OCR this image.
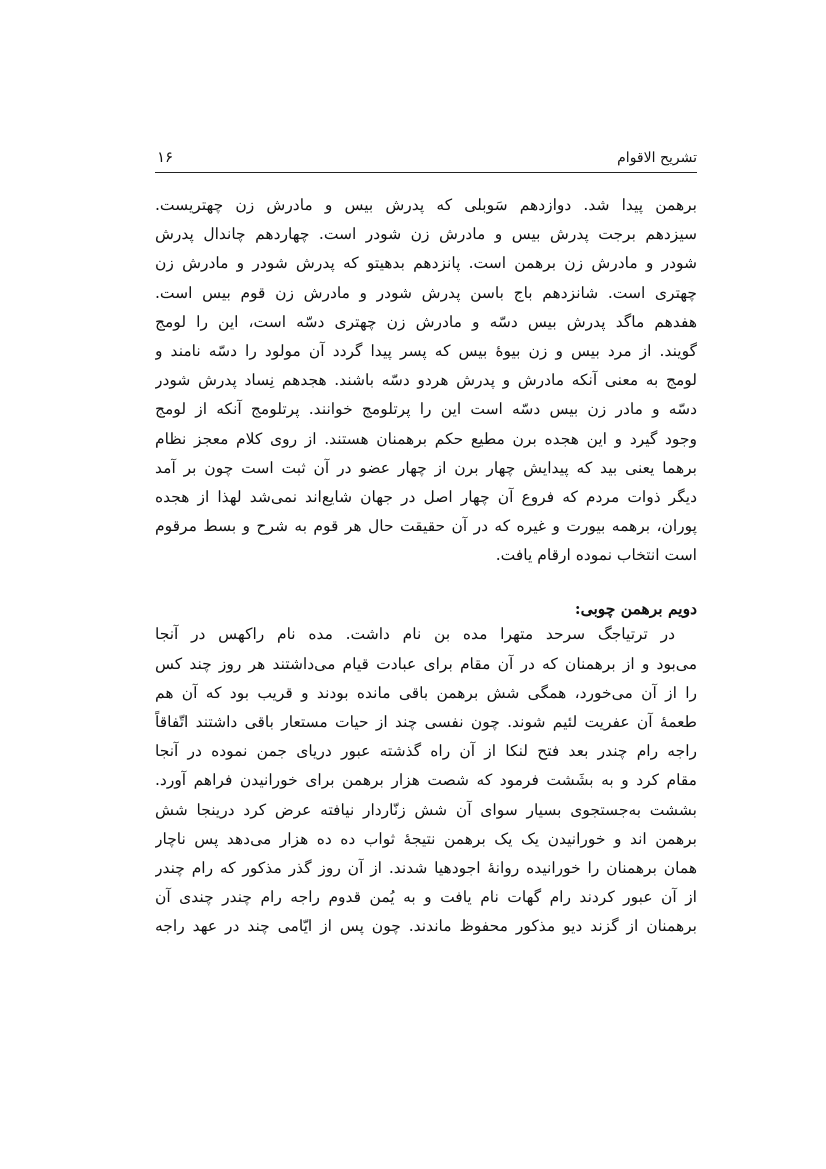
تشریح الاقوام
۱۶
برهمن پیدا شد. دوازدهم سَوبلی که پدرش بیس و مادرش زن چهتریست.
سیزدهم برجت پدرش بیس و مادرش زن شودر است. چهاردهم چاندال پدرش
شودر و مادرش زن برهمن است. پانزدهم بدهیتو که پدرش شودر و مادرش زن
چهتری است. شانزدهم باج باسن پدرش شودر و مادرش زن قوم بیس است.
هفدهم ماگد پدرش بیس دسّه و مادرش زن چهتری دسّه است، این را لومج
گویند. از مرد بیس و زن بیوهٔ بیس که پسر پیدا گردد آن مولود را دسّه نامند و
لومج به معنی آنکه مادرش و پدرش هردو دسّه باشند. هجدهم نِساد پدرش شودر
دسّه و مادر زن بیس دسّه است این را پرتلومج خوانند. پرتلومج آنکه از لومج
وجود گیرد و این هجده برن مطیع حکم برهمنان هستند. از روی کلام معجز نظام
برهما یعنی بید که پیدایش چهار برن از چهار عضو در آن ثبت است چون بر آمد
دیگر ذوات مردم که فروع آن چهار اصل در جهان شایع‌اند نمی‌شد لهذا از هجده
پوران، برهمه بیورت و غیره که در آن حقیقت حال هر قوم به شرح و بسط مرقوم
است انتخاب نموده ارقام یافت.
دویم برهمن چوبی:
در ترتیاجگ سرحد متهرا مده بن نام داشت. مده نام راکهس در آنجا
می‌بود و از برهمنان که در آن مقام برای عبادت قیام می‌داشتند هر روز چند کس
را از آن می‌خورد، همگی شش برهمن باقی مانده بودند و قریب بود که آن هم
طعمهٔ آن عفریت لئیم شوند. چون نفسی چند از حیات مستعار باقی داشتند اتّفاقاً
راجه رام چندر بعد فتح لنکا از آن راه گذشته عبور دریای جمن نموده در آنجا
مقام کرد و به بشَشت فرمود که شصت هزار برهمن برای خورانیدن فراهم آورد.
بششت به‌جستجوی بسیار سوای آن شش زنّاردار نیافته عرض کرد درینجا شش
برهمن اند و خورانیدن یک یک برهمن نتیجهٔ ثواب ده ده هزار می‌دهد پس ناچار
همان برهمنان را خورانیده روانهٔ اجودهیا شدند. از آن روز گذر مذکور که رام چندر
از آن عبور کردند رام گهات نام یافت و به یُمن قدوم راجه رام چندر چندی آن
برهمنان از گزند دیو مذکور محفوظ ماندند. چون پس از ایّامی چند در عهد راجه
